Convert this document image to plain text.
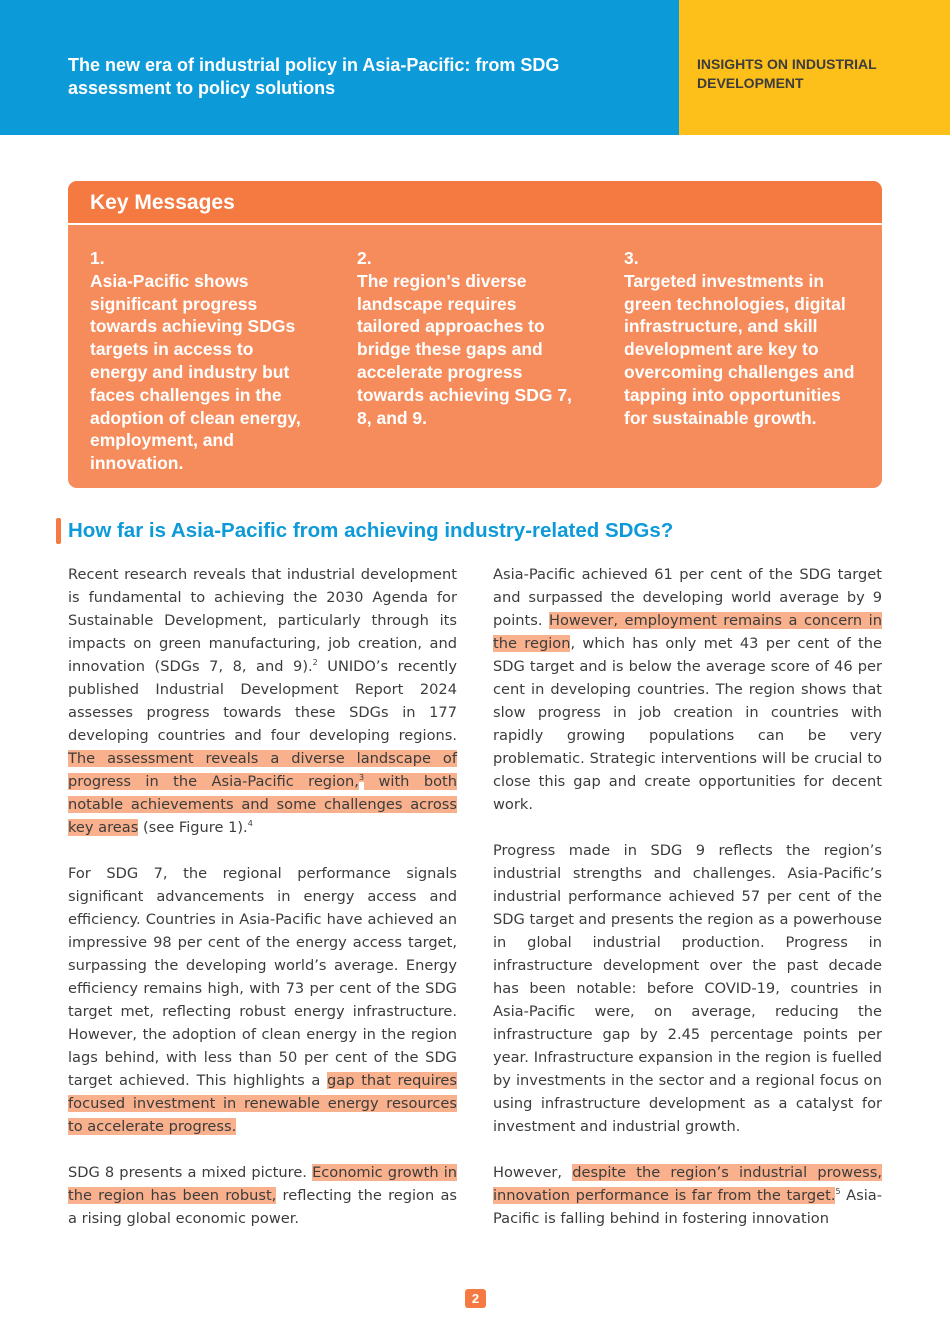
The new era of industrial policy in Asia-Pacific: from SDG assessment to policy solutions
INSIGHTS ON INDUSTRIAL DEVELOPMENT
Key Messages
1.
Asia-Pacific shows significant progress towards achieving SDGs targets in access to energy and industry but faces challenges in the adoption of clean energy, employment, and innovation.
2.
The region's diverse landscape requires tailored approaches to bridge these gaps and accelerate progress towards achieving SDG 7, 8, and 9.
3.
Targeted investments in green technologies, digital infrastructure, and skill development are key to overcoming challenges and tapping into opportunities for sustainable growth.
How far is Asia-Pacific from achieving industry-related SDGs?

Recent research reveals that industrial development is fundamental to achieving the 2030 Agenda for Sustainable Development, particularly through its impacts on green manufacturing, job creation, and innovation (SDGs 7, 8, and 9).$^2$ UNIDO’s recently published Industrial Development Report 2024 assesses progress towards these SDGs in 177 developing countries and four developing regions. The assessment reveals a diverse landscape of progress in the Asia-Pacific region,$^3$ with both notable achievements and some challenges across key areas (see Figure 1).$^4$

For SDG 7, the regional performance signals significant advancements in energy access and efficiency. Countries in Asia-Pacific have achieved an impressive 98 per cent of the energy access target, surpassing the developing world’s average. Energy efficiency remains high, with 73 per cent of the SDG target met, reflecting robust energy infrastructure. However, the adoption of clean energy in the region lags behind, with less than 50 per cent of the SDG target achieved. This highlights a gap that requires focused investment in renewable energy resources to accelerate progress.

SDG 8 presents a mixed picture. Economic growth in the region has been robust, reflecting the region as a rising global economic power.

Asia-Pacific achieved 61 per cent of the SDG target and surpassed the developing world average by 9 points. However, employment remains a concern in the region, which has only met 43 per cent of the SDG target and is below the average score of 46 per cent in developing countries. The region shows that slow progress in job creation in countries with rapidly growing populations can be very problematic. Strategic interventions will be crucial to close this gap and create opportunities for decent work.

Progress made in SDG 9 reflects the region’s industrial strengths and challenges. Asia-Pacific’s industrial performance achieved 57 per cent of the SDG target and presents the region as a powerhouse in global industrial production. Progress in infrastructure development over the past decade has been notable: before COVID-19, countries in Asia-Pacific were, on average, reducing the infrastructure gap by 2.45 percentage points per year. Infrastructure expansion in the region is fuelled by investments in the sector and a regional focus on using infrastructure development as a catalyst for investment and industrial growth.

However, despite the region’s industrial prowess, innovation performance is far from the target.$^5$ Asia-Pacific is falling behind in fostering innovation

2
